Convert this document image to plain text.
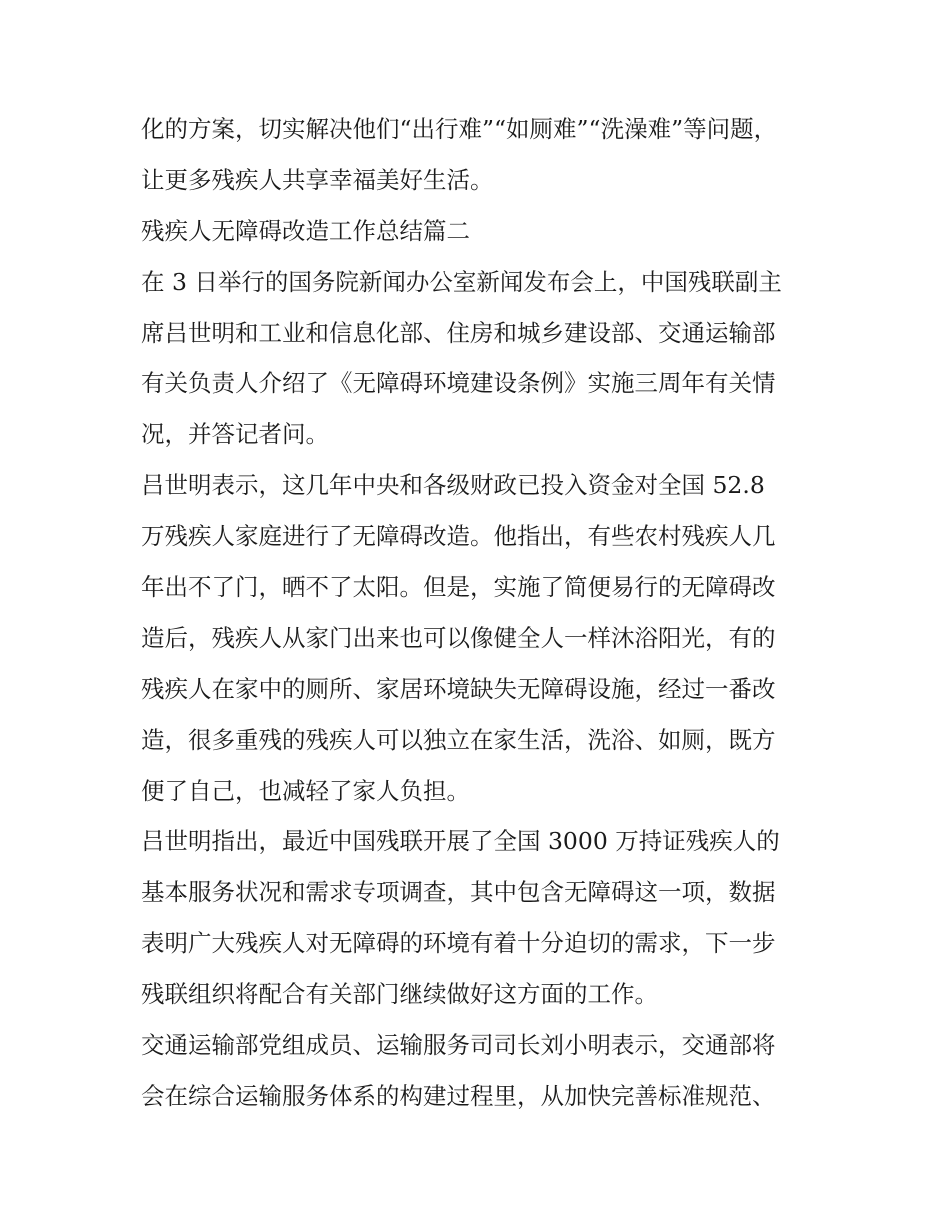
化的方案，切实解决他们“出行难”“如厕难”“洗澡难”等问题，
让更多残疾人共享幸福美好生活。
残疾人无障碍改造工作总结篇二
在 3 日举行的国务院新闻办公室新闻发布会上，中国残联副主
席吕世明和工业和信息化部、住房和城乡建设部、交通运输部
有关负责人介绍了《无障碍环境建设条例》实施三周年有关情
况，并答记者问。
吕世明表示，这几年中央和各级财政已投入资金对全国 52.8
万残疾人家庭进行了无障碍改造。他指出，有些农村残疾人几
年出不了门，晒不了太阳。但是，实施了简便易行的无障碍改
造后，残疾人从家门出来也可以像健全人一样沐浴阳光，有的
残疾人在家中的厕所、家居环境缺失无障碍设施，经过一番改
造，很多重残的残疾人可以独立在家生活，洗浴、如厕，既方
便了自己，也减轻了家人负担。
吕世明指出，最近中国残联开展了全国 3000 万持证残疾人的
基本服务状况和需求专项调查，其中包含无障碍这一项，数据
表明广大残疾人对无障碍的环境有着十分迫切的需求，下一步
残联组织将配合有关部门继续做好这方面的工作。
交通运输部党组成员、运输服务司司长刘小明表示，交通部将
会在综合运输服务体系的构建过程里，从加快完善标准规范、
